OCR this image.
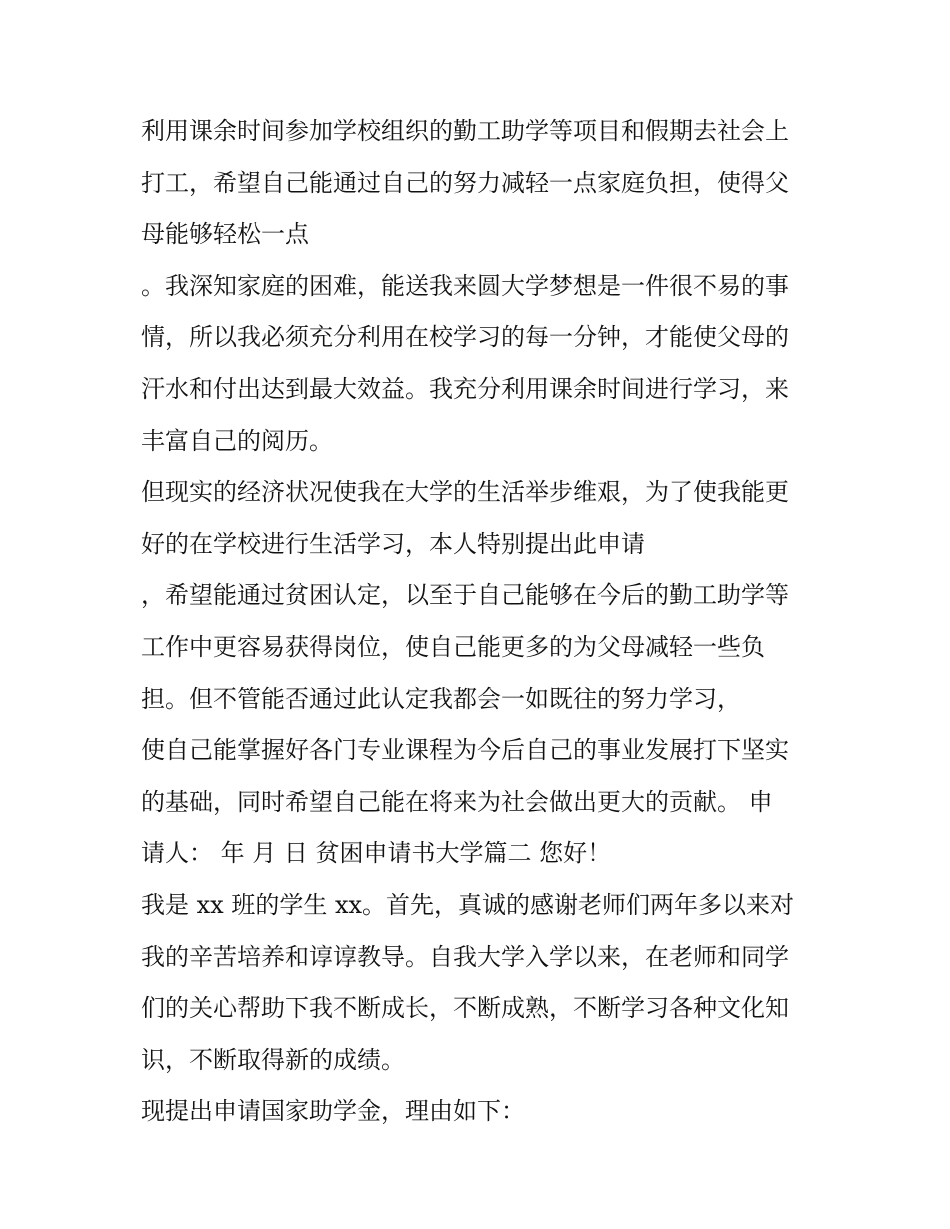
利用课余时间参加学校组织的勤工助学等项目和假期去社会上
打工，希望自己能通过自己的努力减轻一点家庭负担，使得父
母能够轻松一点
。我深知家庭的困难，能送我来圆大学梦想是一件很不易的事
情，所以我必须充分利用在校学习的每一分钟，才能使父母的
汗水和付出达到最大效益。我充分利用课余时间进行学习，来
丰富自己的阅历。
但现实的经济状况使我在大学的生活举步维艰，为了使我能更
好的在学校进行生活学习，本人特别提出此申请
，希望能通过贫困认定，以至于自己能够在今后的勤工助学等
工作中更容易获得岗位，使自己能更多的为父母减轻一些负
担。但不管能否通过此认定我都会一如既往的努力学习，
使自己能掌握好各门专业课程为今后自己的事业发展打下坚实
的基础，同时希望自己能在将来为社会做出更大的贡献。 申
请人： 年 月 日 贫困申请书大学篇二 您好！
我是 xx 班的学生 xx。首先，真诚的感谢老师们两年多以来对
我的辛苦培养和谆谆教导。自我大学入学以来，在老师和同学
们的关心帮助下我不断成长，不断成熟，不断学习各种文化知
识，不断取得新的成绩。
现提出申请国家助学金，理由如下：
